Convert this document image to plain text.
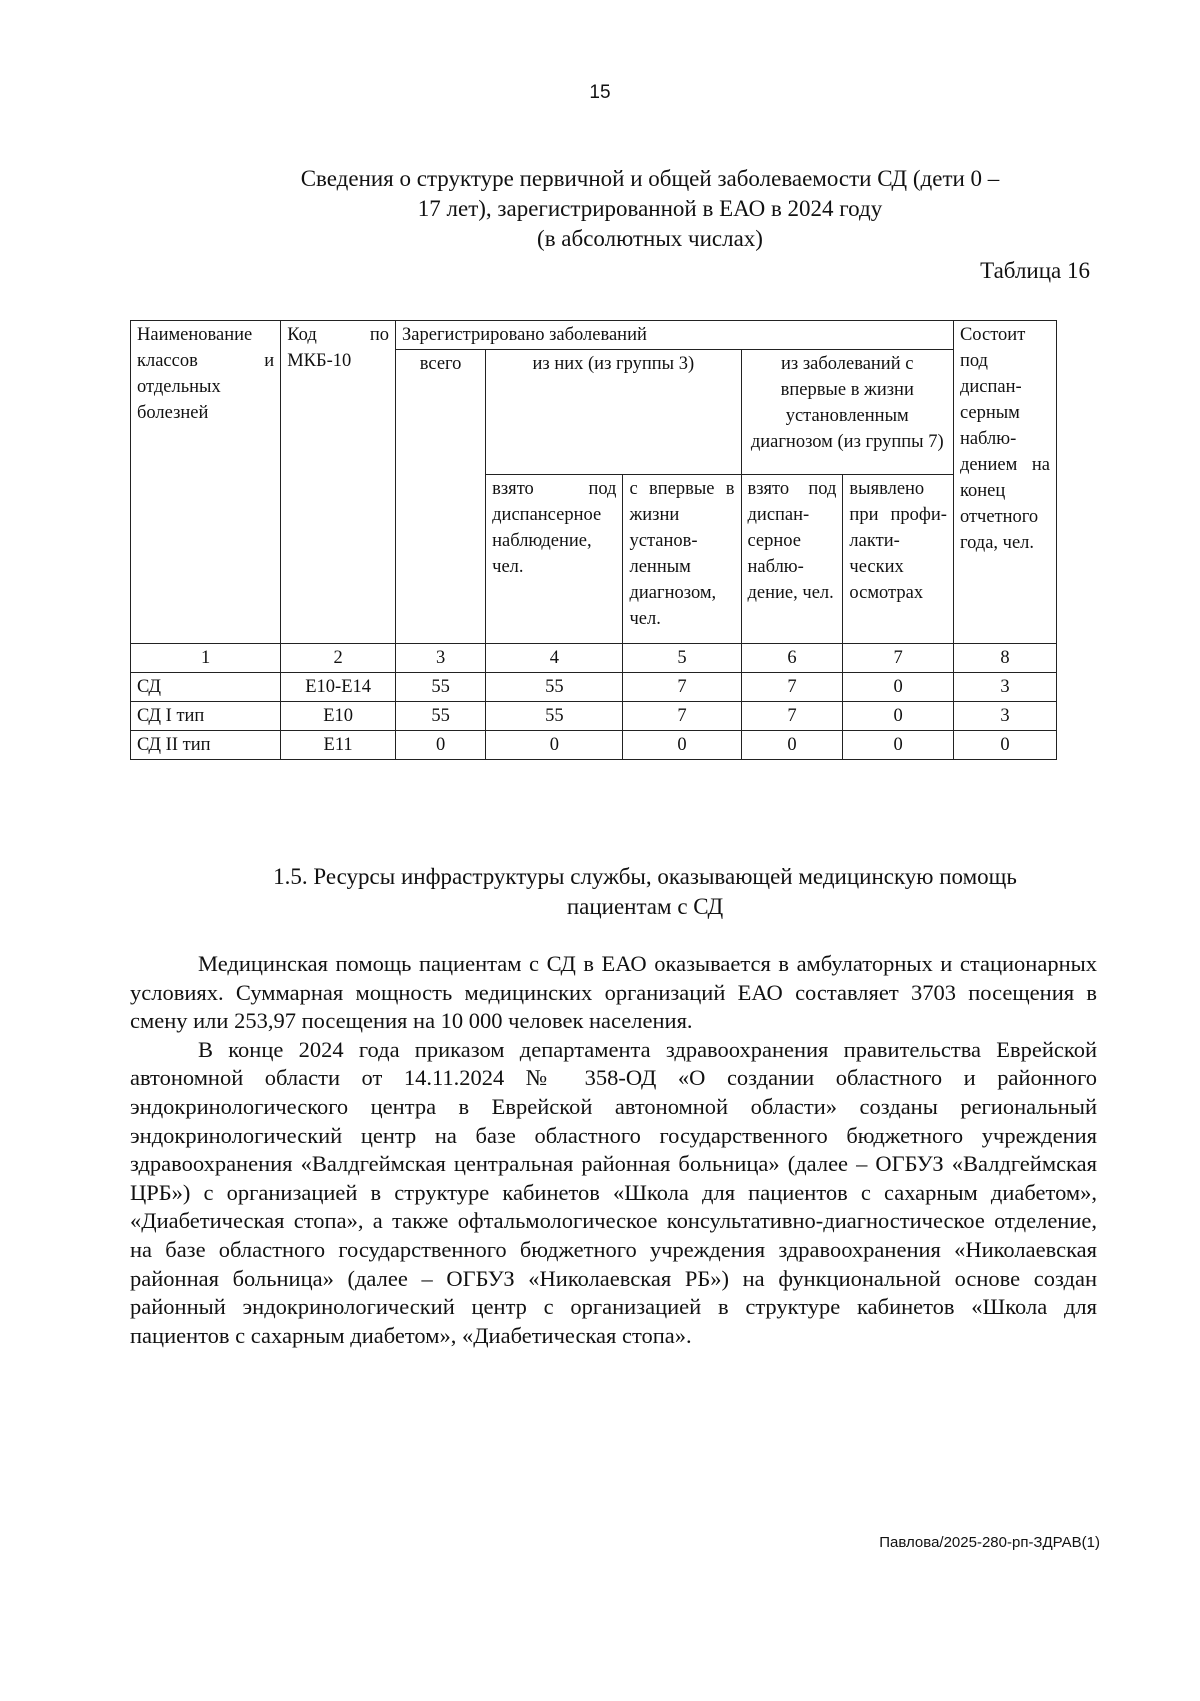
15
Сведения о структуре первичной и общей заболеваемости СД (дети 0 –
17 лет), зарегистрированной в ЕАО в 2024 году
(в абсолютных числах)
Таблица 16
Наименование классов и отдельных болезней	Код по МКБ-10	Зарегистрировано заболеваний					Состоит под диспансерным наблюдением на конец отчетного года, чел.
		всего	из них (из группы 3)		из заболеваний с впервые в жизни установленным диагнозом (из группы 7)		
			взято под диспансерное наблюдение, чел.	с впервые в жизни установленным диагнозом, чел.	взято под диспансерное наблюдение, чел.	выявлено при профилактических осмотрах	
1	2	3	4	5	6	7	8
СД	Е10-Е14	55	55	7	7	0	3
СД I тип	Е10	55	55	7	7	0	3
СД II тип	Е11	0	0	0	0	0	0
1.5. Ресурсы инфраструктуры службы, оказывающей медицинскую помощь
пациентам с СД

Медицинская помощь пациентам с СД в ЕАО оказывается в амбулаторных и стационарных условиях. Суммарная мощность медицинских организаций ЕАО составляет 3703 посещения в смену или 253,97 посещения на 10 000 человек населения.

В конце 2024 года приказом департамента здравоохранения правительства Еврейской автономной области от 14.11.2024 № 358-ОД «О создании областного и районного эндокринологического центра в Еврейской автономной области» созданы региональный эндокринологический центр на базе областного государственного бюджетного учреждения здравоохранения «Валдгеймская центральная районная больница» (далее – ОГБУЗ «Валдгеймская ЦРБ») с организацией в структуре кабинетов «Школа для пациентов с сахарным диабетом», «Диабетическая стопа», а также офтальмологическое консультативно-диагностическое отделение, на базе областного государственного бюджетного учреждения здравоохранения «Николаевская районная больница» (далее – ОГБУЗ «Николаевская РБ») на функциональной основе создан районный эндокринологический центр с организацией в структуре кабинетов «Школа для пациентов с сахарным диабетом», «Диабетическая стопа».

Павлова/2025-280-рп-ЗДРАВ(1)
